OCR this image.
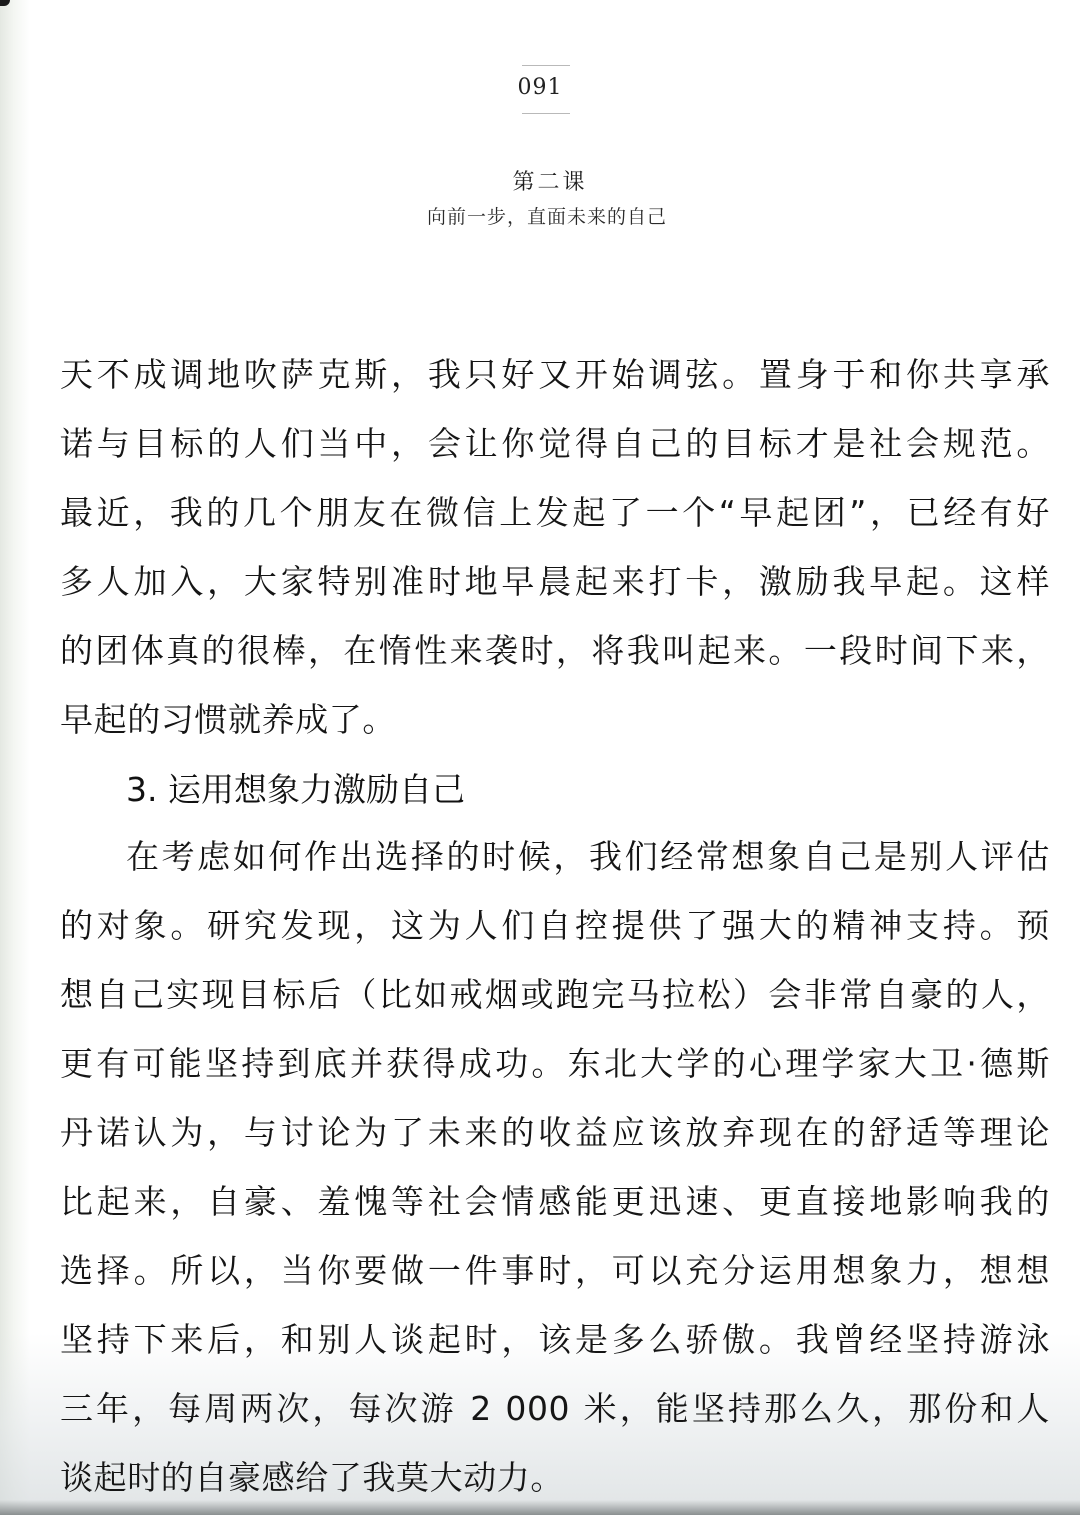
091
第二课
向前一步，直面未来的自己
天不成调地吹萨克斯，我只好又开始调弦。置身于和你共享承
诺与目标的人们当中，会让你觉得自己的目标才是社会规范。
最近，我的几个朋友在微信上发起了一个“早起团”，已经有好
多人加入，大家特别准时地早晨起来打卡，激励我早起。这样
的团体真的很棒，在惰性来袭时，将我叫起来。一段时间下来，
早起的习惯就养成了。
3. 运用想象力激励自己
在考虑如何作出选择的时候，我们经常想象自己是别人评估
的对象。研究发现，这为人们自控提供了强大的精神支持。预
想自己实现目标后（比如戒烟或跑完马拉松）会非常自豪的人，
更有可能坚持到底并获得成功。东北大学的心理学家大卫·德斯
丹诺认为，与讨论为了未来的收益应该放弃现在的舒适等理论
比起来，自豪、羞愧等社会情感能更迅速、更直接地影响我的
选择。所以，当你要做一件事时，可以充分运用想象力，想想
坚持下来后，和别人谈起时，该是多么骄傲。我曾经坚持游泳
三年，每周两次，每次游 2 000 米，能坚持那么久，那份和人
谈起时的自豪感给了我莫大动力。
